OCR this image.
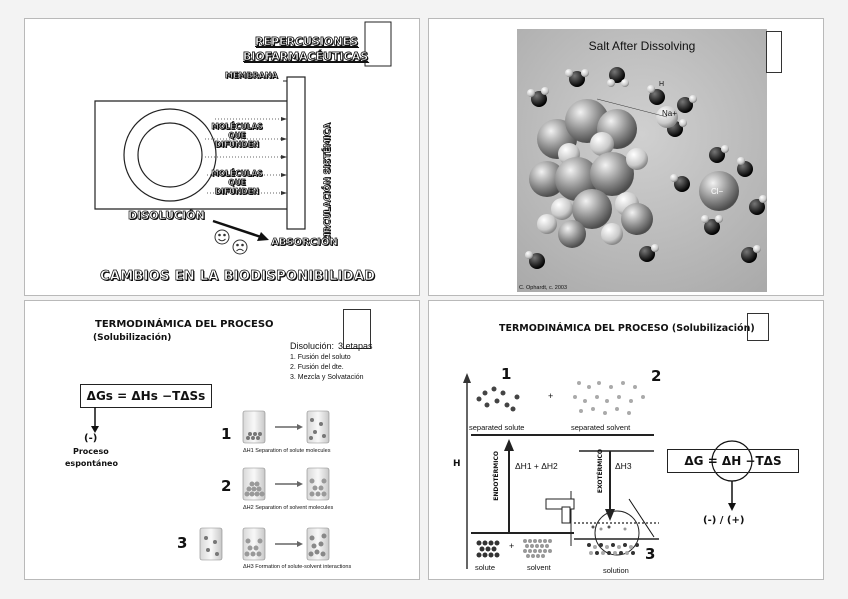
REPERCUSIONES
BIOFARMACÉUTICAS
MEMBRANA
MOLÉCULAS QUE DIFUNDEN
MOLÉCULAS QUE DIFUNDEN	CIRCULACIÓN SISTÉMICA
DISOLUCIÓN
ABSORCIÓN
CAMBIOS EN LA BIODISPONIBILIDAD
Salt After Dissolving
Na+
Cl−
H
C. Ophardt, c. 2003
TERMODINÁMICA DEL PROCESO
(Solubilización)
Disolución: 3 etapas
1. Fusión del soluto
2. Fusión del dte.
3. Mezcla y Solvatación
ΔGs = ΔHs −TΔSs
(-)
Proceso
espontáneo
1
ΔH1 Separation of solute molecules
2
ΔH2 Separation of solvent molecules
3
ΔH3 Formation of solute-solvent interactions
TERMODINÁMICA DEL PROCESO (Solubilización)
1	2
+
separated solute	separated solvent
H	ENDOTÉRMICO ΔH1 + ΔH2	EXOTÉRMICO ΔH3
3
+
solute	solvent	solution
ΔG = ΔH −TΔS
(-) / (+)
